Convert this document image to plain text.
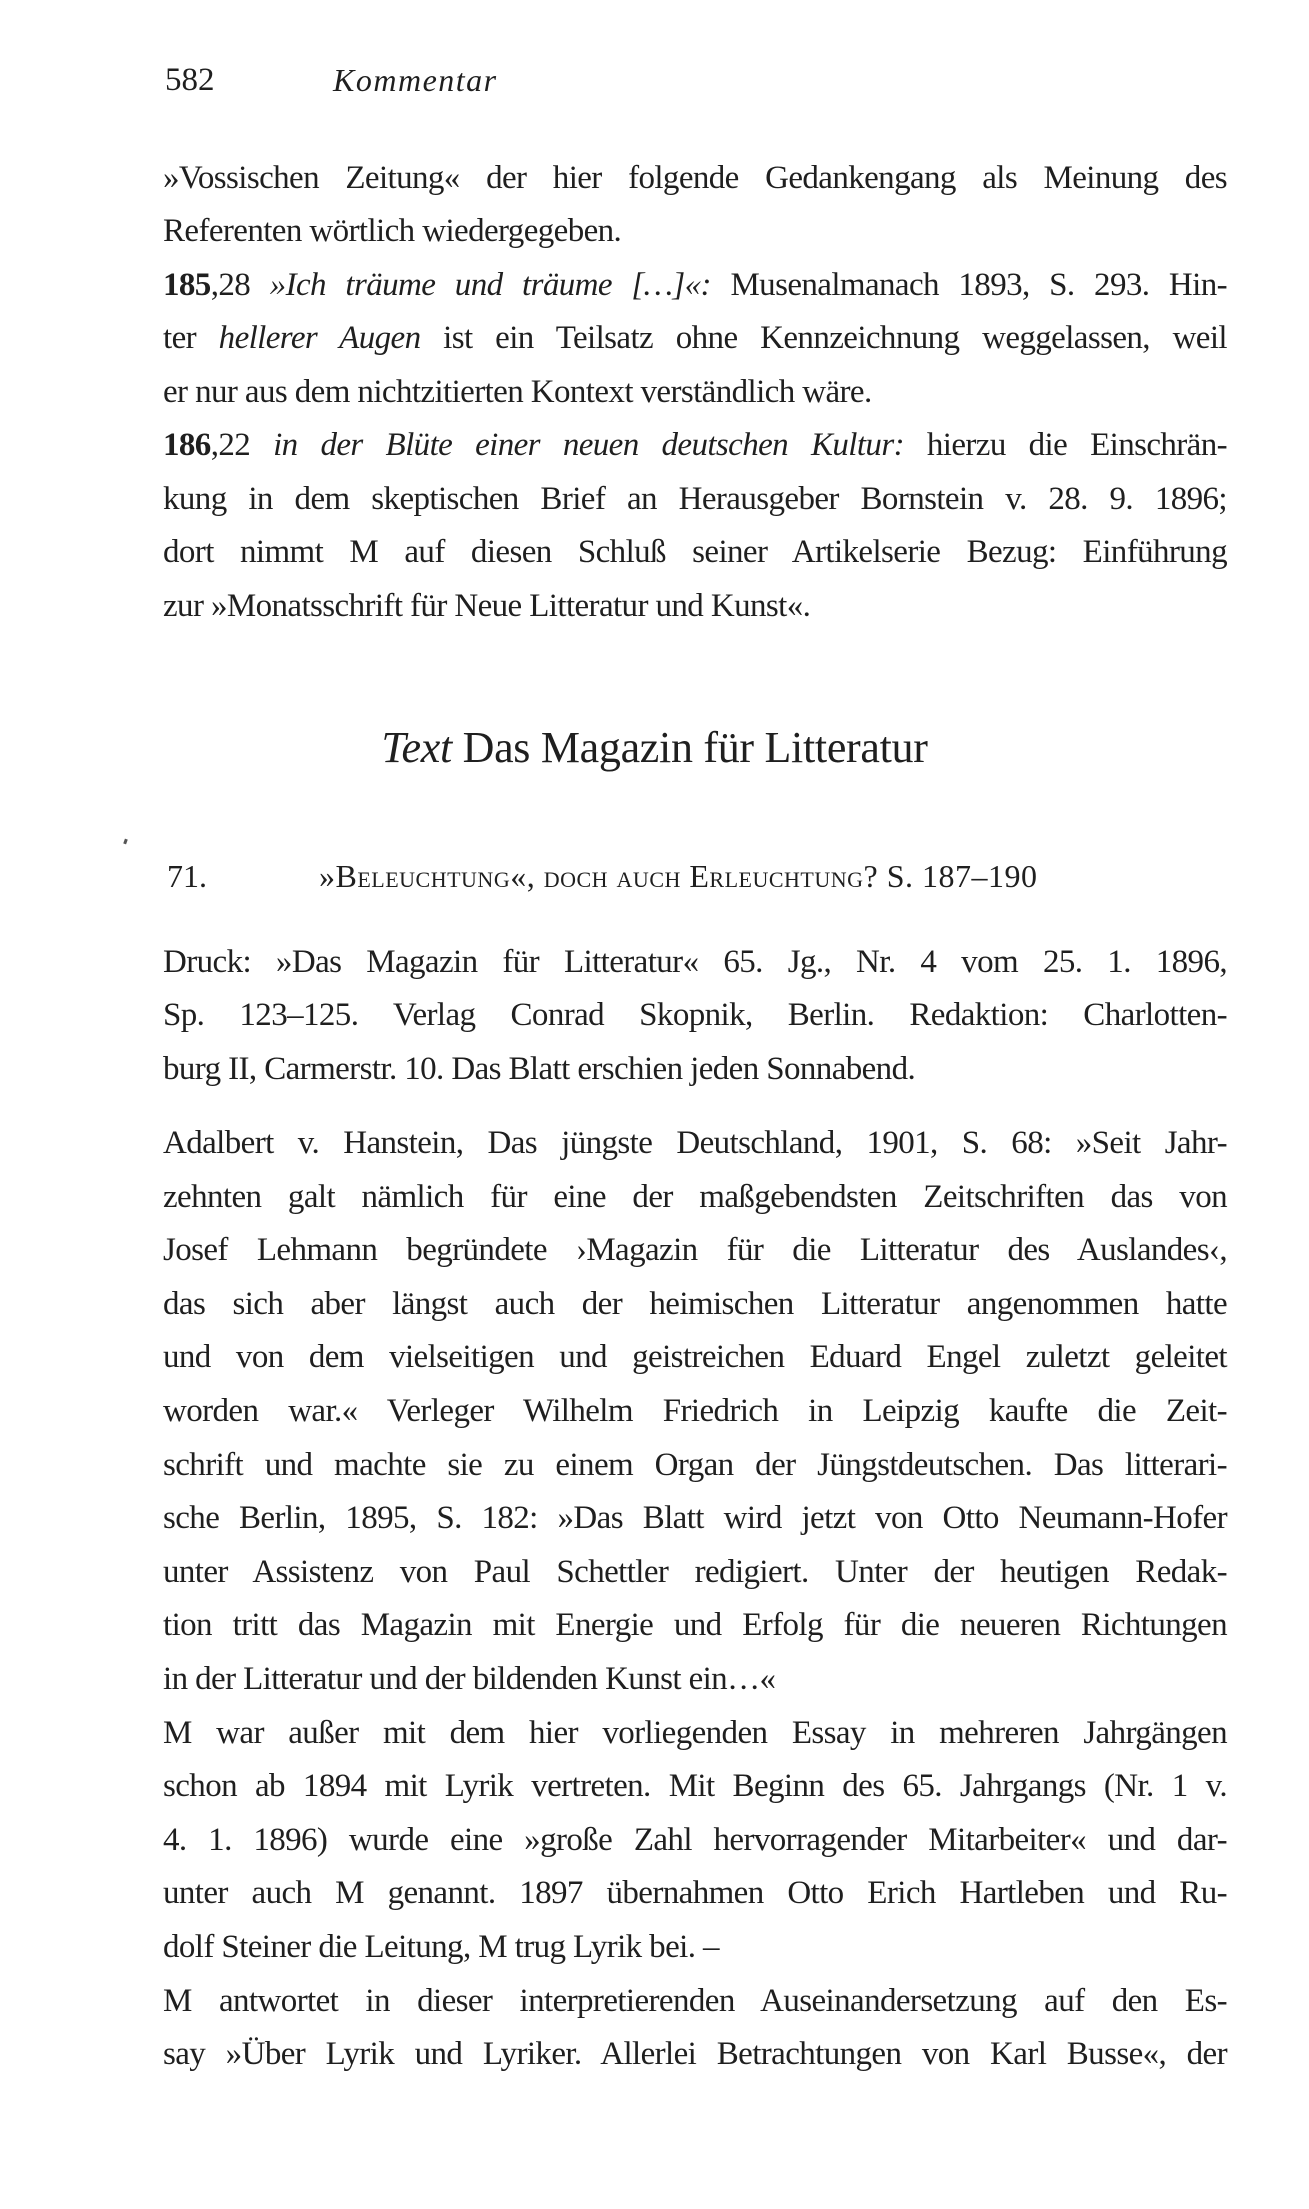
582	Kommentar
»Vossischen Zeitung« der hier folgende Gedankengang als Meinung des
Referenten wörtlich wiedergegeben.
185,28 »Ich träume und träume […]«: Musenalmanach 1893, S. 293. Hin-
ter hellerer Augen ist ein Teilsatz ohne Kennzeichnung weggelassen, weil
er nur aus dem nichtzitierten Kontext verständlich wäre.
186,22 in der Blüte einer neuen deutschen Kultur: hierzu die Einschrän-
kung in dem skeptischen Brief an Herausgeber Bornstein v. 28. 9. 1896;
dort nimmt M auf diesen Schluß seiner Artikelserie Bezug: Einführung
zur »Monatsschrift für Neue Litteratur und Kunst«.
Text Das Magazin für Litteratur
71.	»Beleuchtung«, doch auch Erleuchtung? S. 187–190
Druck: »Das Magazin für Litteratur« 65. Jg., Nr. 4 vom 25. 1. 1896,
Sp. 123–125. Verlag Conrad Skopnik, Berlin. Redaktion: Charlotten-
burg II, Carmerstr. 10. Das Blatt erschien jeden Sonnabend.
Adalbert v. Hanstein, Das jüngste Deutschland, 1901, S. 68: »Seit Jahr-
zehnten galt nämlich für eine der maßgebendsten Zeitschriften das von
Josef Lehmann begründete ›Magazin für die Litteratur des Auslandes‹,
das sich aber längst auch der heimischen Litteratur angenommen hatte
und von dem vielseitigen und geistreichen Eduard Engel zuletzt geleitet
worden war.« Verleger Wilhelm Friedrich in Leipzig kaufte die Zeit-
schrift und machte sie zu einem Organ der Jüngstdeutschen. Das litterari-
sche Berlin, 1895, S. 182: »Das Blatt wird jetzt von Otto Neumann-Hofer
unter Assistenz von Paul Schettler redigiert. Unter der heutigen Redak-
tion tritt das Magazin mit Energie und Erfolg für die neueren Richtungen
in der Litteratur und der bildenden Kunst ein…«
M war außer mit dem hier vorliegenden Essay in mehreren Jahrgängen
schon ab 1894 mit Lyrik vertreten. Mit Beginn des 65. Jahrgangs (Nr. 1 v.
4. 1. 1896) wurde eine »große Zahl hervorragender Mitarbeiter« und dar-
unter auch M genannt. 1897 übernahmen Otto Erich Hartleben und Ru-
dolf Steiner die Leitung, M trug Lyrik bei. –
M antwortet in dieser interpretierenden Auseinandersetzung auf den Es-
say »Über Lyrik und Lyriker. Allerlei Betrachtungen von Karl Busse«, der
